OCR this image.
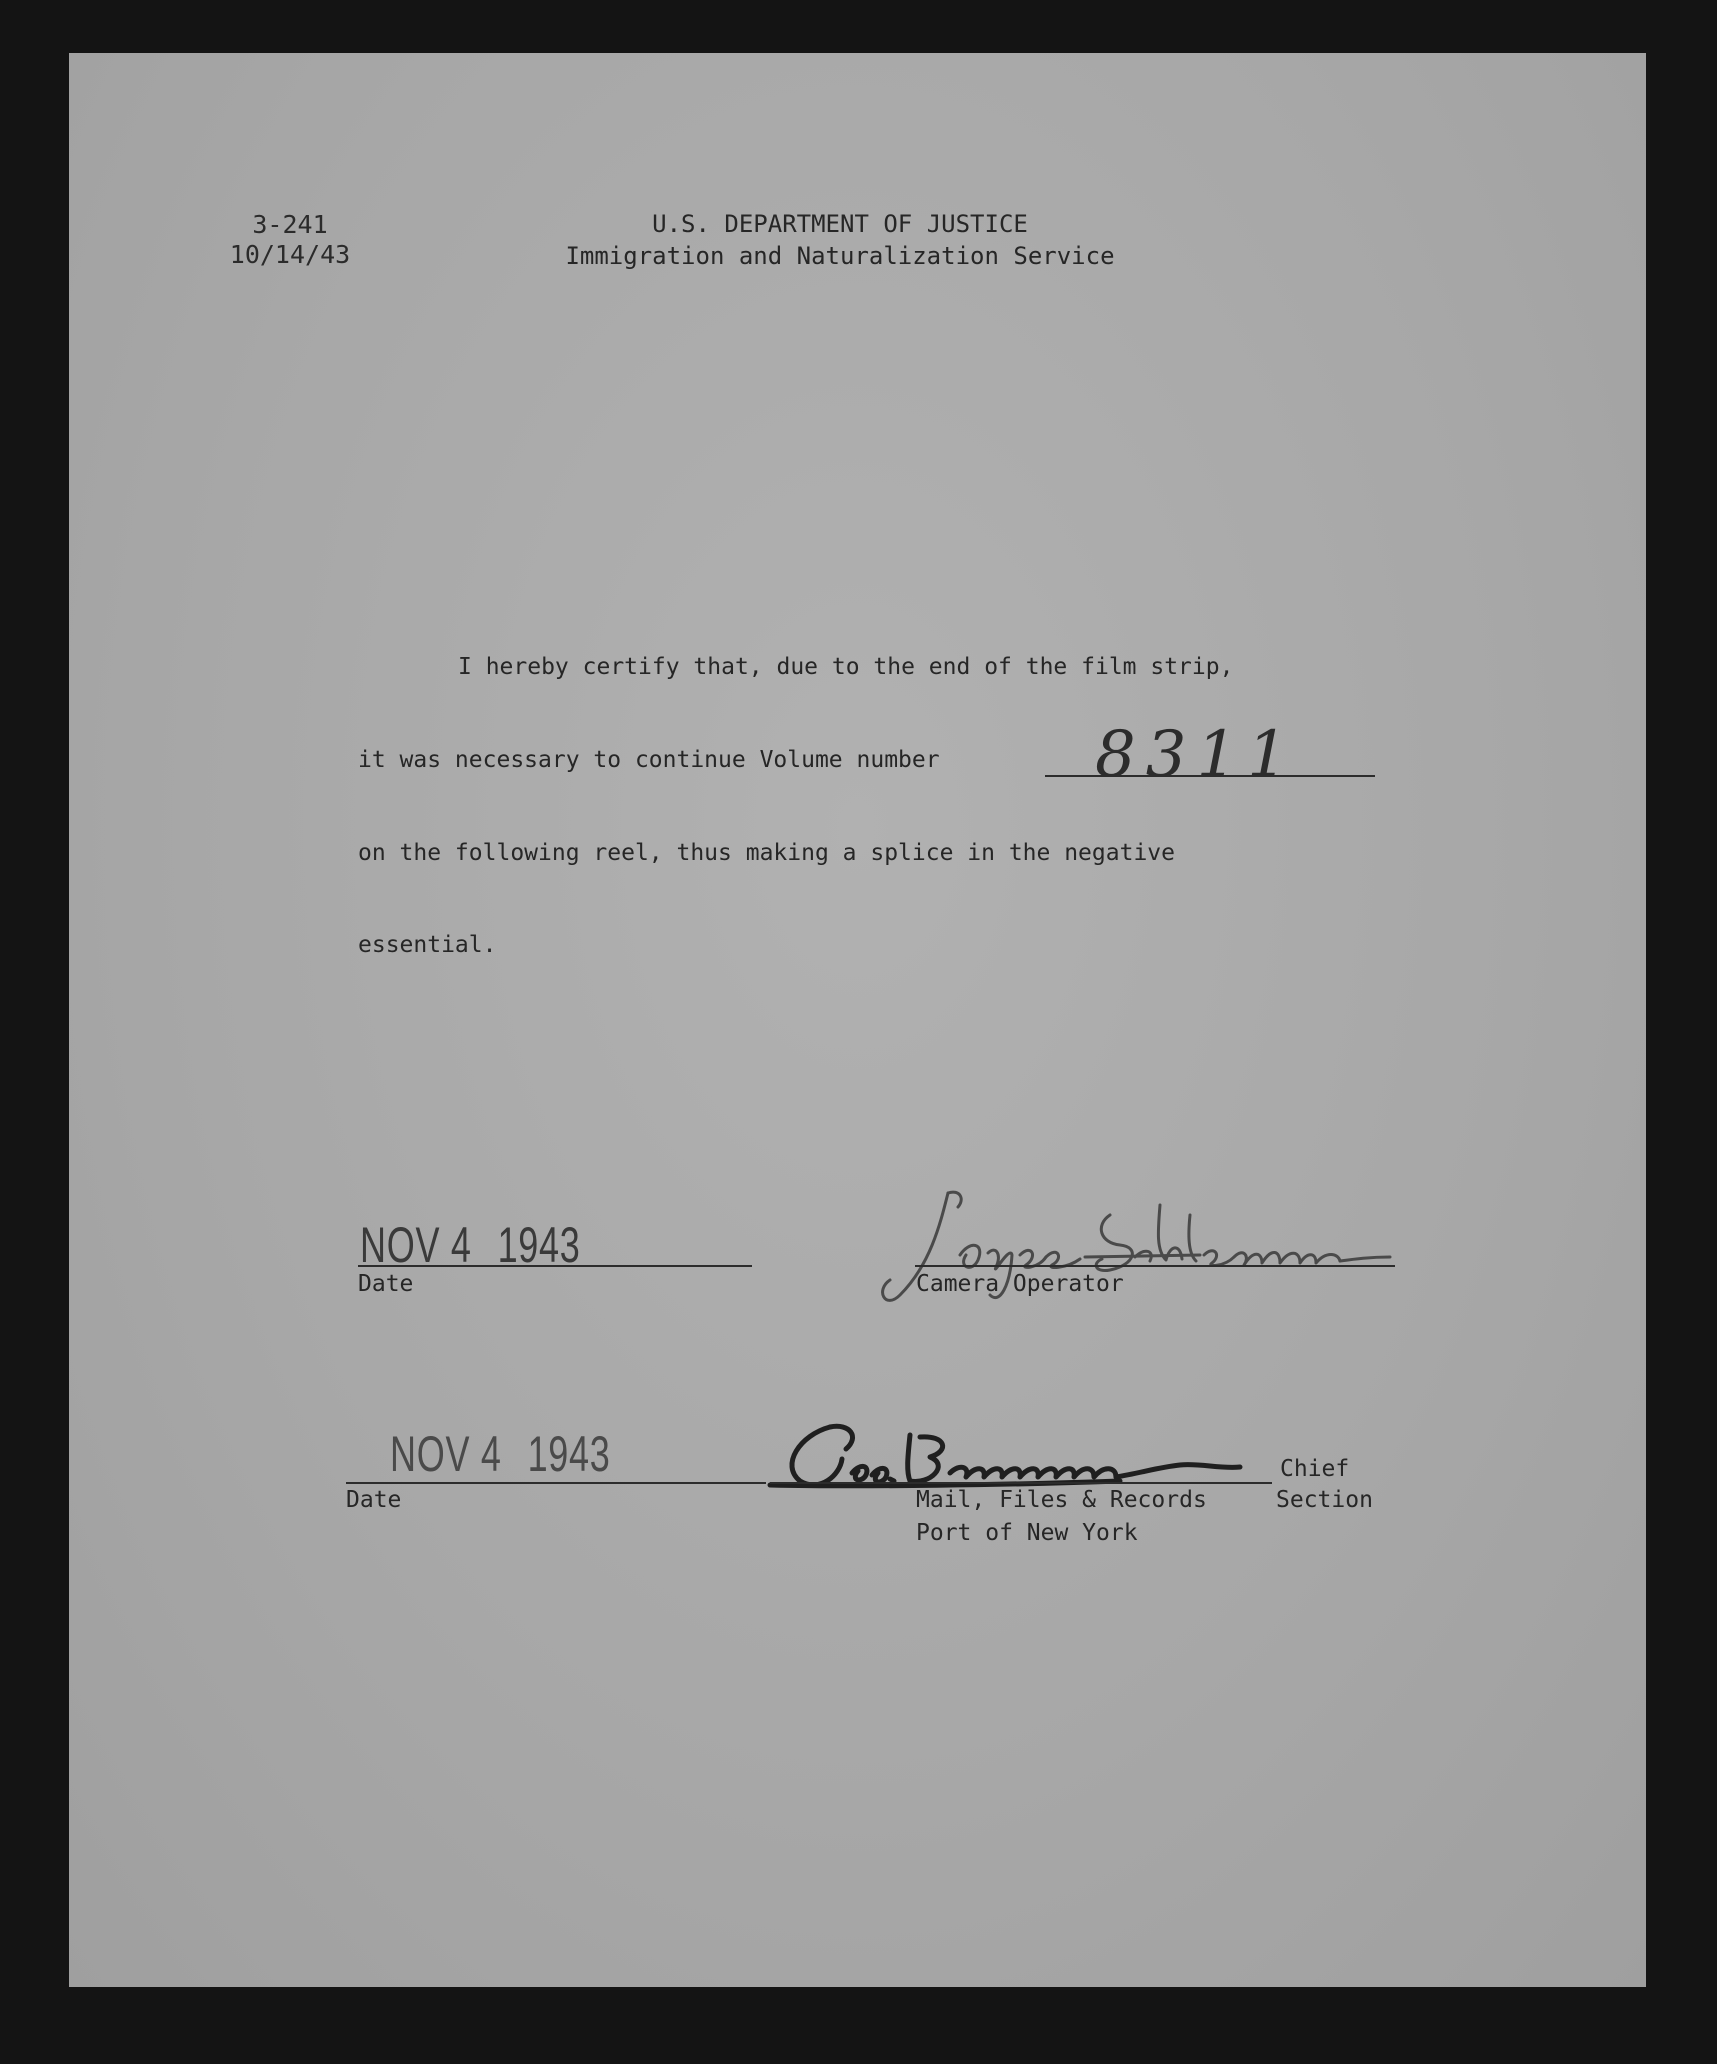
3-241
10/14/43
U.S. DEPARTMENT OF JUSTICE
Immigration and Naturalization Service
I hereby certify that, due to the end of the film strip,
it was necessary to continue Volume number 8311
on the following reel, thus making a splice in the negative
essential.
NOV 4 1943
Date	Camera Operator
NOV 4 1943
Date
Chief
Mail, Files & Records	Section
Port of New York
